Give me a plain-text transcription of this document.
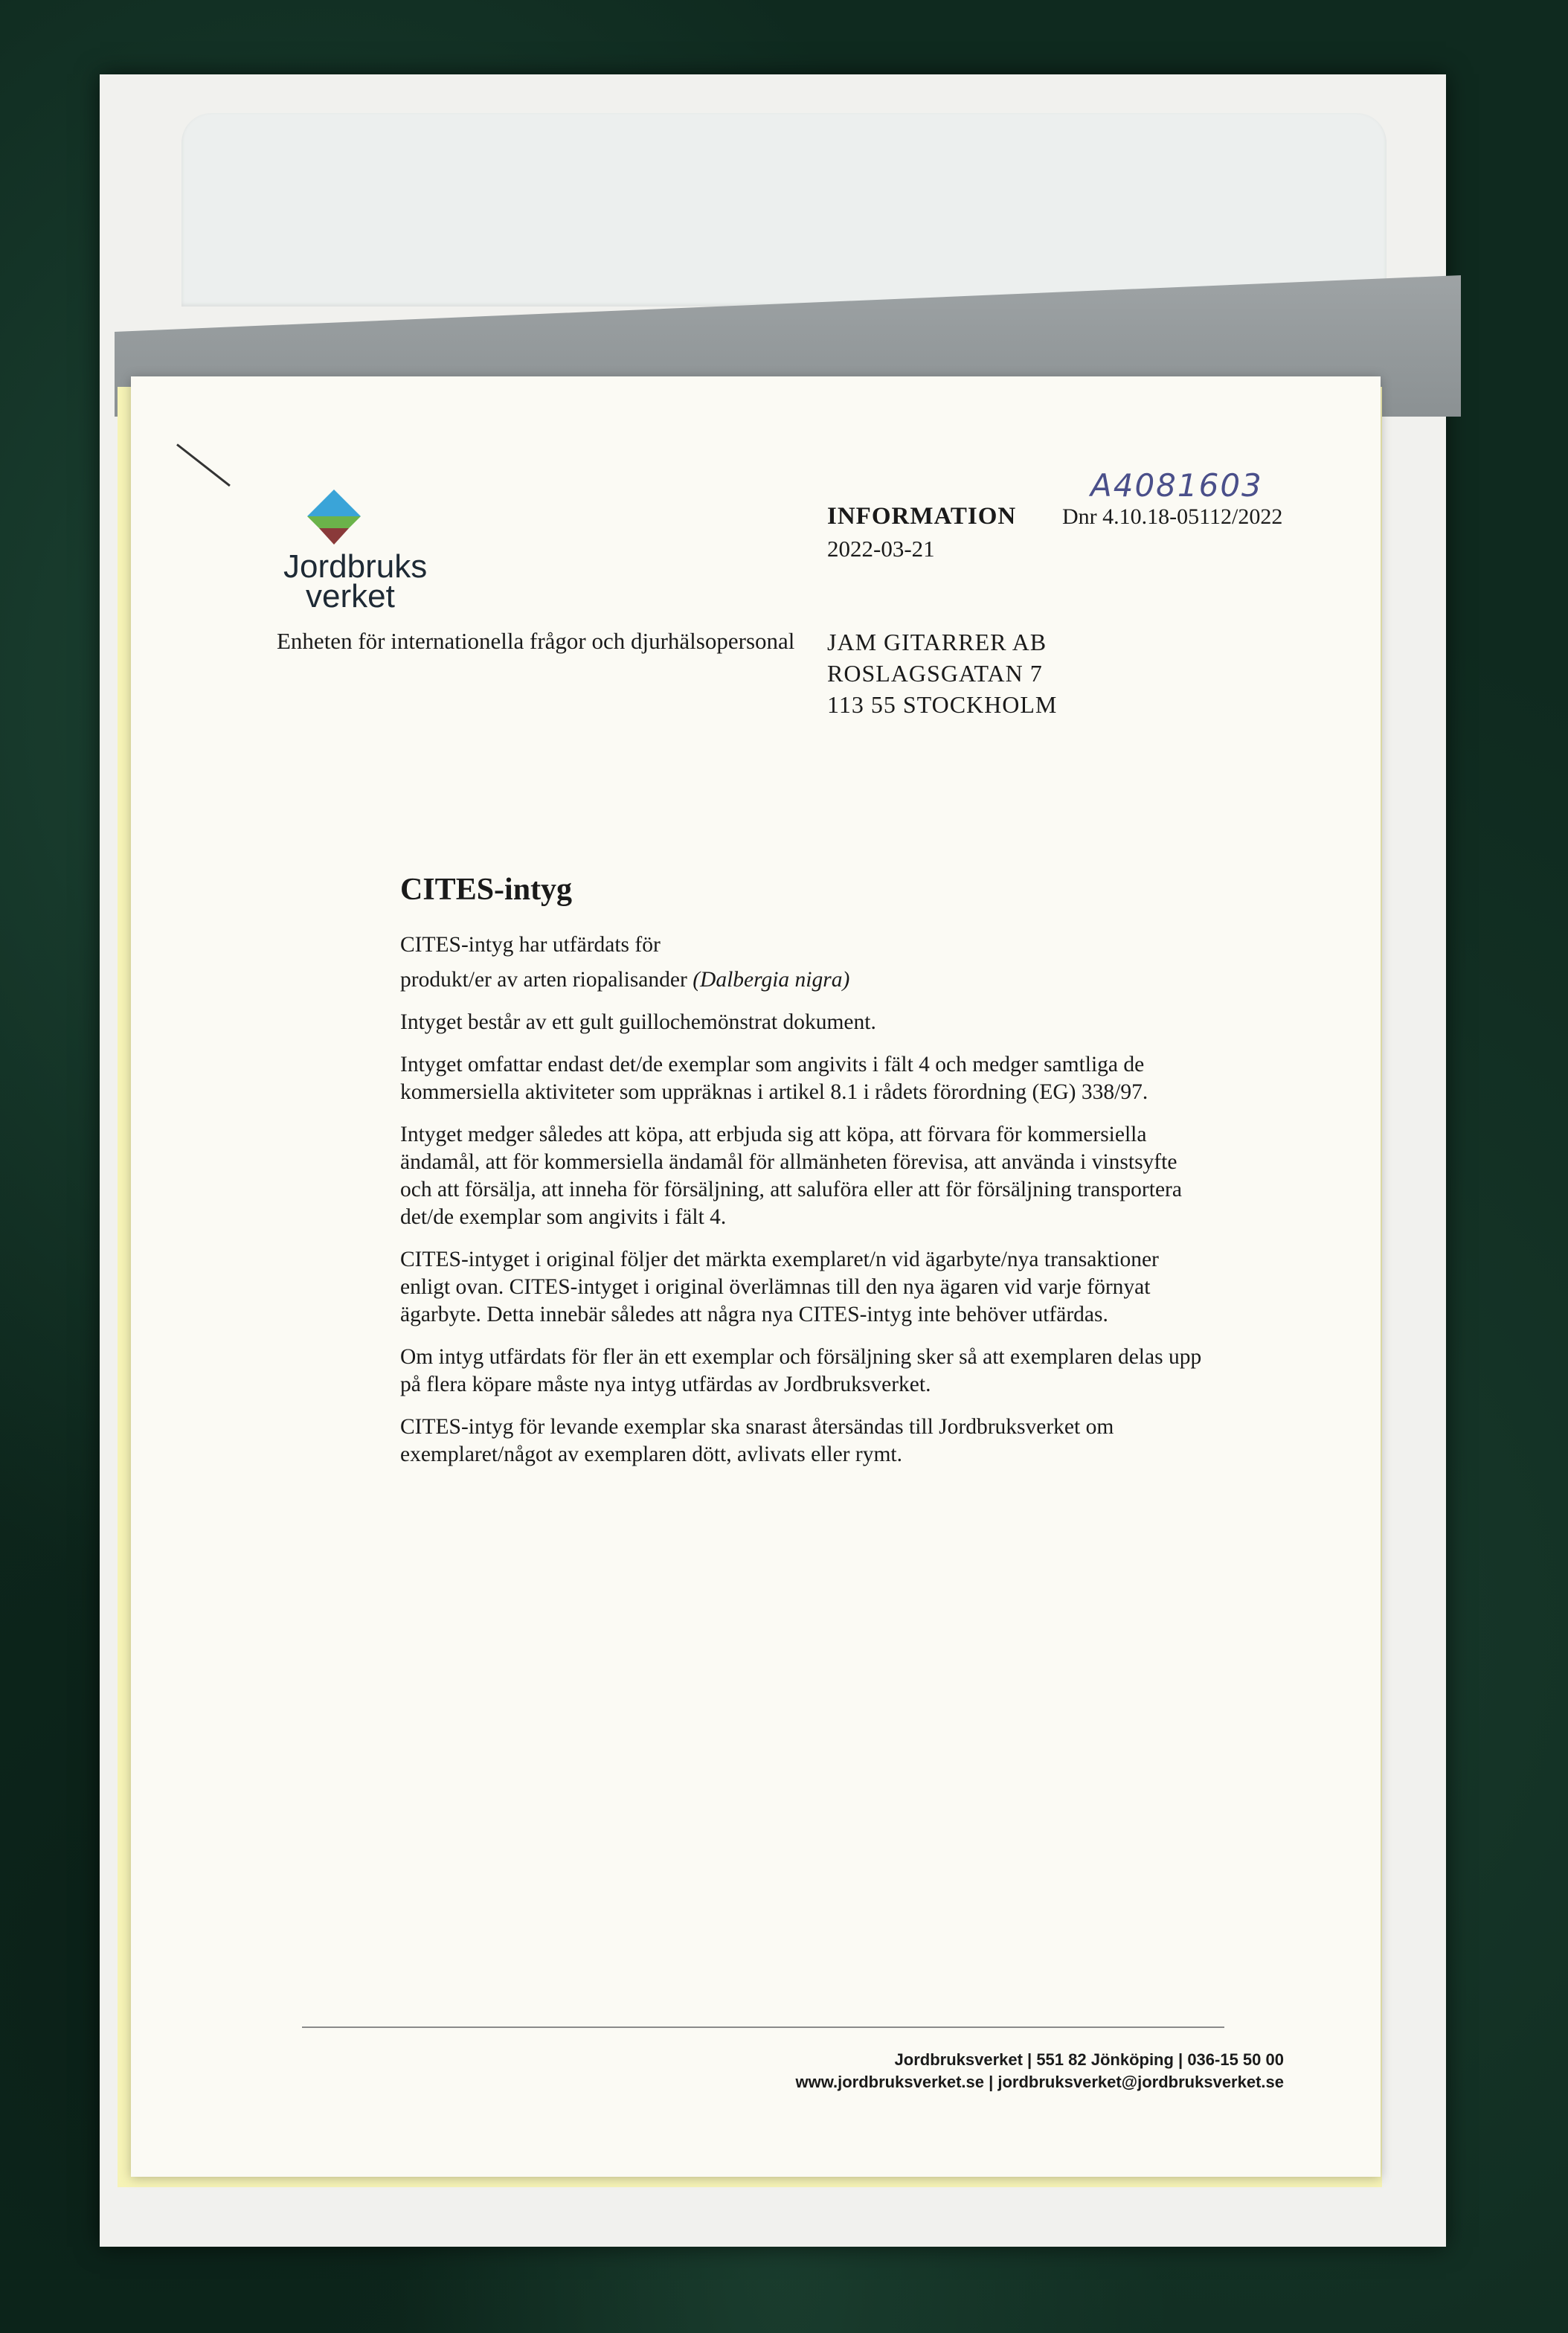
Jordbruks
verket
A4081603
INFORMATION Dnr 4.10.18-05112/2022
2022-03-21
Enheten för internationella frågor och djurhälsopersonal JAM GITARRER AB
ROSLAGSGATAN 7
113 55 STOCKHOLM
CITES-intyg

CITES-intyg har utfärdats för

produkt/er av arten riopalisander (Dalbergia nigra)

Intyget består av ett gult guillochemönstrat dokument.

Intyget omfattar endast det/de exemplar som angivits i fält 4 och medger samtliga de kommersiella aktiviteter som uppräknas i artikel 8.1 i rådets förordning (EG) 338/97.

Intyget medger således att köpa, att erbjuda sig att köpa, att förvara för kommersiella ändamål, att för kommersiella ändamål för allmänheten förevisa, att använda i vinstsyfte och att försälja, att inneha för försäljning, att saluföra eller att för försäljning transportera det/de exemplar som angivits i fält 4.

CITES-intyget i original följer det märkta exemplaret/n vid ägarbyte/nya transaktioner enligt ovan. CITES-intyget i original överlämnas till den nya ägaren vid varje förnyat ägarbyte. Detta innebär således att några nya CITES-intyg inte behöver utfärdas.

Om intyg utfärdats för fler än ett exemplar och försäljning sker så att exemplaren delas upp på flera köpare måste nya intyg utfärdas av Jordbruksverket.

CITES-intyg för levande exemplar ska snarast återsändas till Jordbruksverket om exemplaret/något av exemplaren dött, avlivats eller rymt.

Jordbruksverket | 551 82 Jönköping | 036-15 50 00
www.jordbruksverket.se | jordbruksverket@jordbruksverket.se
